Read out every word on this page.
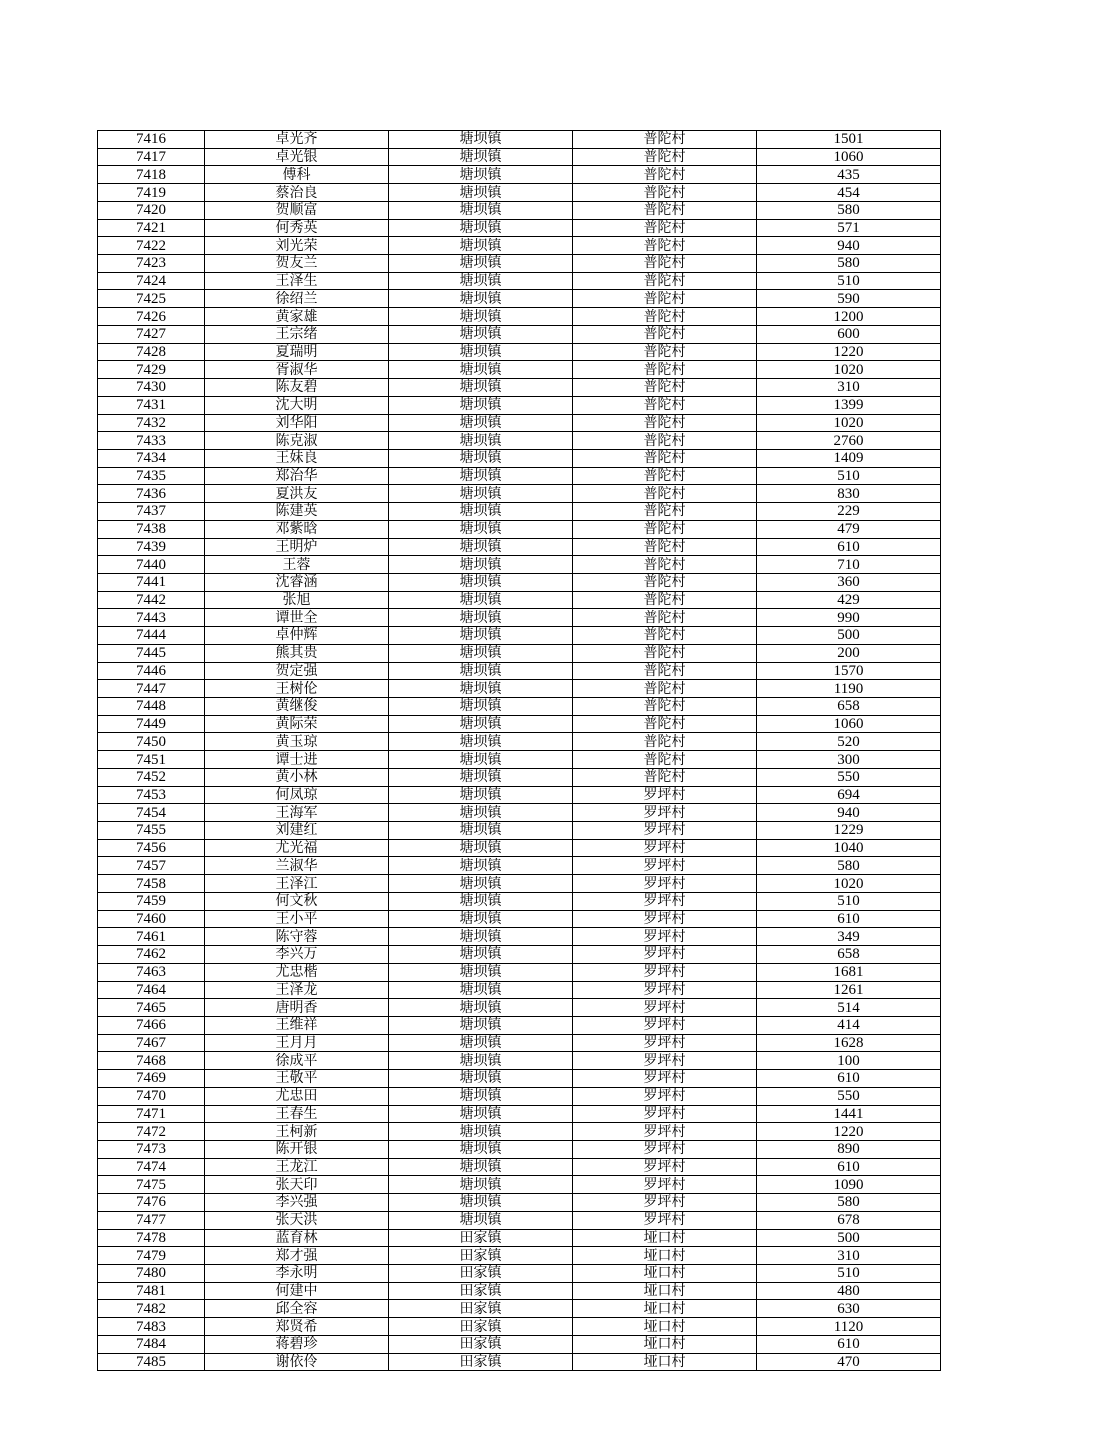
7416	卓光齐	塘坝镇	普陀村	1501
7417	卓光银	塘坝镇	普陀村	1060
7418	傅科	塘坝镇	普陀村	435
7419	蔡治良	塘坝镇	普陀村	454
7420	贺顺富	塘坝镇	普陀村	580
7421	何秀英	塘坝镇	普陀村	571
7422	刘光荣	塘坝镇	普陀村	940
7423	贺友兰	塘坝镇	普陀村	580
7424	王泽生	塘坝镇	普陀村	510
7425	徐绍兰	塘坝镇	普陀村	590
7426	黄家雄	塘坝镇	普陀村	1200
7427	王宗绪	塘坝镇	普陀村	600
7428	夏瑞明	塘坝镇	普陀村	1220
7429	胥淑华	塘坝镇	普陀村	1020
7430	陈友碧	塘坝镇	普陀村	310
7431	沈大明	塘坝镇	普陀村	1399
7432	刘华阳	塘坝镇	普陀村	1020
7433	陈克淑	塘坝镇	普陀村	2760
7434	王妹良	塘坝镇	普陀村	1409
7435	郑治华	塘坝镇	普陀村	510
7436	夏洪友	塘坝镇	普陀村	830
7437	陈建英	塘坝镇	普陀村	229
7438	邓紫晗	塘坝镇	普陀村	479
7439	王明炉	塘坝镇	普陀村	610
7440	王蓉	塘坝镇	普陀村	710
7441	沈睿涵	塘坝镇	普陀村	360
7442	张旭	塘坝镇	普陀村	429
7443	谭世全	塘坝镇	普陀村	990
7444	卓仲辉	塘坝镇	普陀村	500
7445	熊其贵	塘坝镇	普陀村	200
7446	贺定强	塘坝镇	普陀村	1570
7447	王树伦	塘坝镇	普陀村	1190
7448	黄继俊	塘坝镇	普陀村	658
7449	黄际荣	塘坝镇	普陀村	1060
7450	黄玉琼	塘坝镇	普陀村	520
7451	谭士进	塘坝镇	普陀村	300
7452	黄小林	塘坝镇	普陀村	550
7453	何凤琼	塘坝镇	罗坪村	694
7454	王海军	塘坝镇	罗坪村	940
7455	刘建红	塘坝镇	罗坪村	1229
7456	尤光福	塘坝镇	罗坪村	1040
7457	兰淑华	塘坝镇	罗坪村	580
7458	王泽江	塘坝镇	罗坪村	1020
7459	何文秋	塘坝镇	罗坪村	510
7460	王小平	塘坝镇	罗坪村	610
7461	陈守蓉	塘坝镇	罗坪村	349
7462	李兴万	塘坝镇	罗坪村	658
7463	尤忠楷	塘坝镇	罗坪村	1681
7464	王泽龙	塘坝镇	罗坪村	1261
7465	唐明香	塘坝镇	罗坪村	514
7466	王维祥	塘坝镇	罗坪村	414
7467	王月月	塘坝镇	罗坪村	1628
7468	徐成平	塘坝镇	罗坪村	100
7469	王敬平	塘坝镇	罗坪村	610
7470	尤忠田	塘坝镇	罗坪村	550
7471	王春生	塘坝镇	罗坪村	1441
7472	王柯新	塘坝镇	罗坪村	1220
7473	陈开银	塘坝镇	罗坪村	890
7474	王龙江	塘坝镇	罗坪村	610
7475	张天印	塘坝镇	罗坪村	1090
7476	李兴强	塘坝镇	罗坪村	580
7477	张天洪	塘坝镇	罗坪村	678
7478	蓝育林	田家镇	垭口村	500
7479	郑才强	田家镇	垭口村	310
7480	李永明	田家镇	垭口村	510
7481	何建中	田家镇	垭口村	480
7482	邱全容	田家镇	垭口村	630
7483	郑贤希	田家镇	垭口村	1120
7484	蒋碧珍	田家镇	垭口村	610
7485	谢依伶	田家镇	垭口村	470
